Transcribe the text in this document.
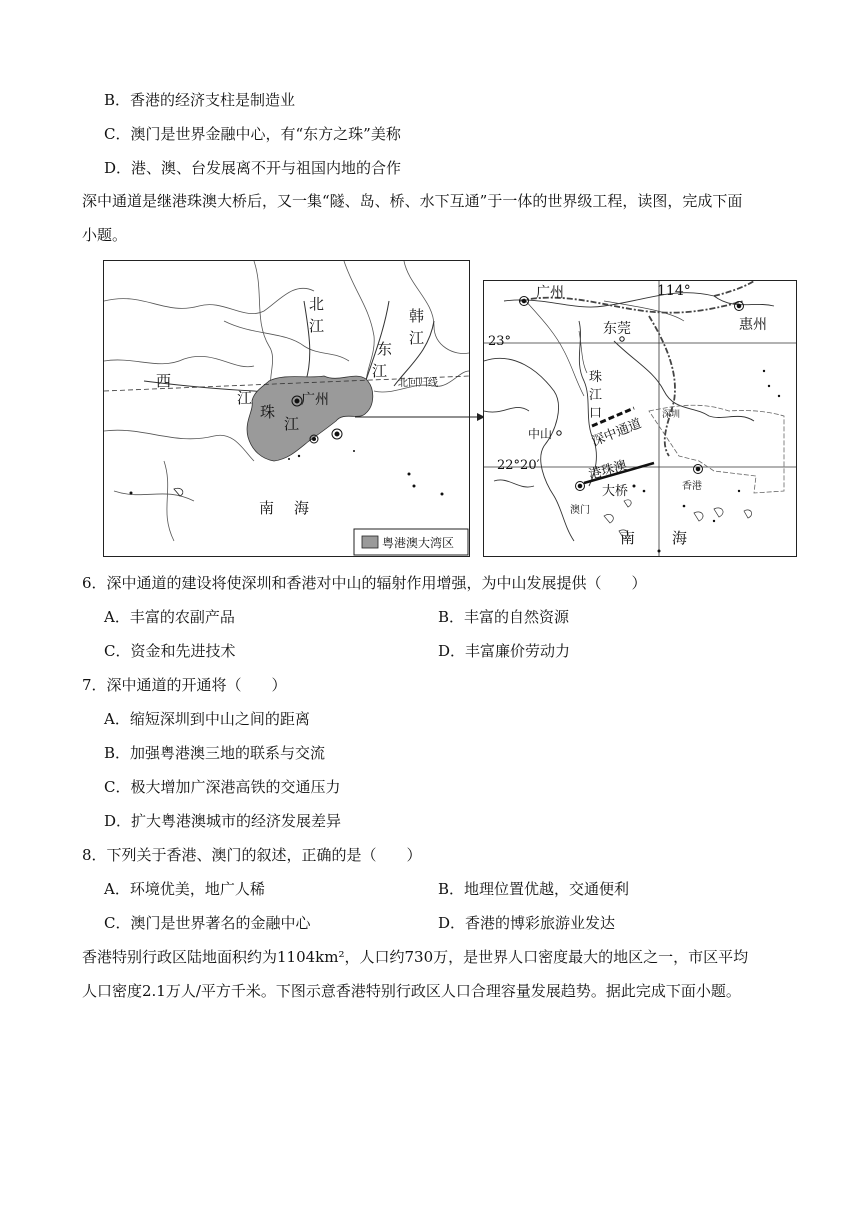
B．香港的经济支柱是制造业
C．澳门是世界金融中心，有“东方之珠”美称
D．港、澳、台发展离不开与祖国内地的合作
深中通道是继港珠澳大桥后，又一集“隧、岛、桥、水下互通”于一体的世界级工程，读图，完成下面
小题。
西
江
北
江
东
江
韩
江
珠
江
广州
北回归线
南 海
粤港澳大湾区
广州	114°
东莞	惠州
23°
珠
江
口
深中通道
中山
深圳
22°20′	港珠澳
大桥	香港
澳门
南 海
6．深中通道的建设将使深圳和香港对中山的辐射作用增强，为中山发展提供（　　）
A．丰富的农副产品	B．丰富的自然资源
C．资金和先进技术	D．丰富廉价劳动力
7．深中通道的开通将（　　）
A．缩短深圳到中山之间的距离
B．加强粤港澳三地的联系与交流
C．极大增加广深港高铁的交通压力
D．扩大粤港澳城市的经济发展差异
8．下列关于香港、澳门的叙述，正确的是（　　）
A．环境优美，地广人稀	B．地理位置优越，交通便利
C．澳门是世界著名的金融中心	D．香港的博彩旅游业发达
香港特别行政区陆地面积约为1104km²，人口约730万，是世界人口密度最大的地区之一，市区平均
人口密度2.1万人/平方千米。下图示意香港特别行政区人口合理容量发展趋势。据此完成下面小题。
